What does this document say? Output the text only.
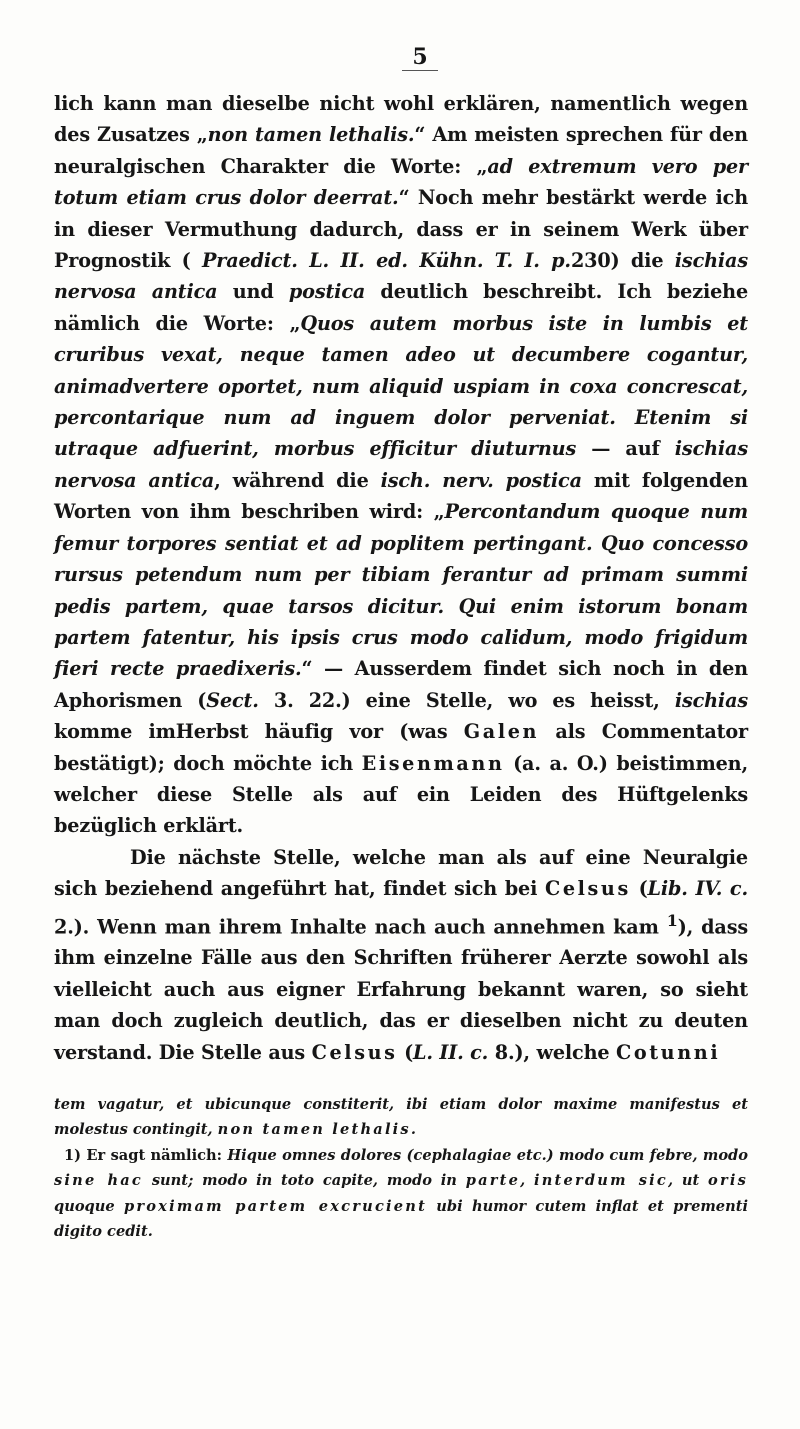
5

lich kann man dieselbe nicht wohl erklären, namentlich wegen des Zusatzes „non tamen lethalis.“ Am meisten sprechen für den neuralgischen Charakter die Worte: „ad extremum vero per totum etiam crus dolor deerrat.“ Noch mehr bestärkt werde ich in dieser Vermuthung dadurch, dass er in seinem Werk über Prognostik ( Praedict. L. II. ed. Kühn. T. I. p.230) die ischias nervosa antica und postica deutlich beschreibt. Ich beziehe nämlich die Worte: „Quos autem morbus iste in lumbis et cruribus vexat, neque tamen adeo ut decumbere cogantur, animadvertere oportet, num aliquid uspiam in coxa concrescat, percontarique num ad inguem dolor perveniat. Etenim si utraque adfuerint, morbus efficitur diuturnus — auf ischias nervosa antica, während die isch. nerv. postica mit folgenden Worten von ihm beschriben wird: „Percontandum quoque num femur torpores sentiat et ad poplitem pertingant. Quo concesso rursus petendum num per tibiam ferantur ad primam summi pedis partem, quae tarsos dicitur. Qui enim istorum bonam partem fatentur, his ipsis crus modo calidum, modo frigidum fieri recte praedixeris.“ — Ausserdem findet sich noch in den Aphorismen (Sect. 3. 22.) eine Stelle, wo es heisst, ischias komme imHerbst häufig vor (was Galen als Commentator bestätigt); doch möchte ich Eisenmann (a. a. O.) beistimmen, welcher diese Stelle als auf ein Leiden des Hüftgelenks bezüglich erklärt.

Die nächste Stelle, welche man als auf eine Neuralgie sich beziehend angeführt hat, findet sich bei Celsus (Lib. IV. c. 2.). Wenn man ihrem Inhalte nach auch annehmen kam $^1$), dass ihm einzelne Fälle aus den Schriften früherer Aerzte sowohl als vielleicht auch aus eigner Erfahrung bekannt waren, so sieht man doch zugleich deutlich, das er dieselben nicht zu deuten verstand. Die Stelle aus Celsus (L. II. c. 8.), welche Cotunni

tem vagatur, et ubicunque constiterit, ibi etiam dolor maxime manifestus et molestus contingit, non tamen lethalis.

1) Er sagt nämlich: Hique omnes dolores (cephalagiae etc.) modo cum febre, modo sine hac sunt; modo in toto capite, modo in parte, interdum sic, ut oris quoque proximam partem excrucient ubi humor cutem inflat et prementi digito cedit.
